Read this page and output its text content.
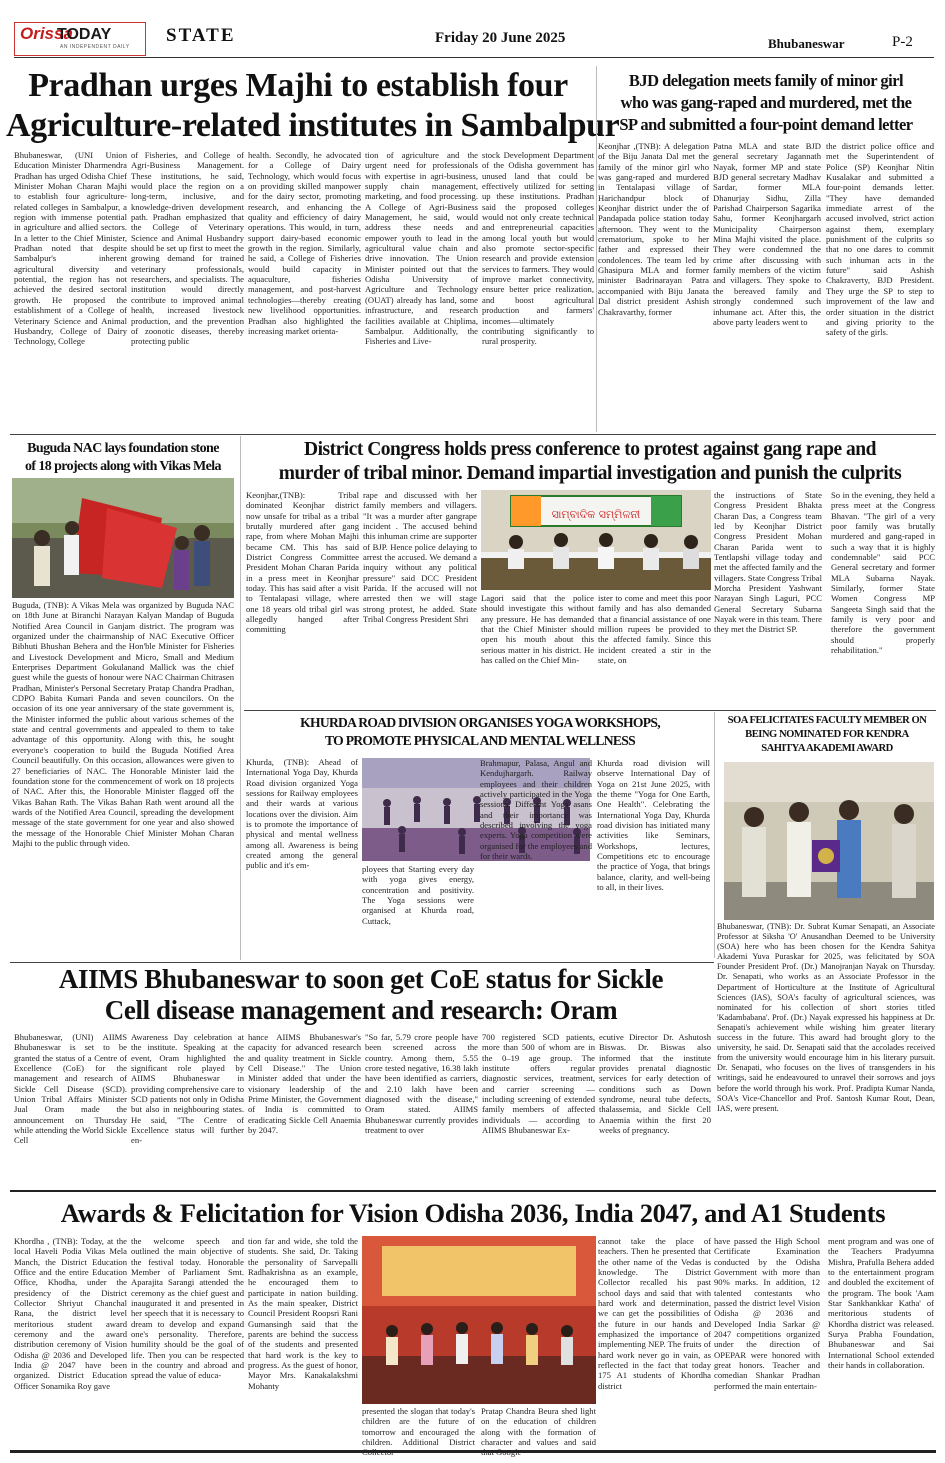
Orissa
TODAY
AN INDEPENDENT DAILY
STATE	Friday 20 June 2025	Bhubaneswar	P-2
Pradhan urges Majhi to establish four
Agriculture-related institutes in Sambalpur
Bhubaneswar, (UNI Union Education Minister Dharmendra Pradhan has urged Odisha Chief Minister Mohan Charan Majhi to establish four agriculture-related colleges in Sambalpur, a region with immense potential in agriculture and allied sectors. In a letter to the Chief Minister, Pradhan noted that despite Sambalpur's inherent agricultural diversity and potential, the region has not achieved the desired sectoral growth. He proposed the establishment of a College of Veterinary Science and Animal Husbandry, College of Dairy Technology, College
of Fisheries, and College of Agri-Business Management. These institutions, he said, would place the region on a long-term, inclusive, and knowledge-driven development path. Pradhan emphasized that the College of Veterinary Science and Animal Husbandry should be set up first to meet the growing demand for trained veterinary professionals, researchers, and specialists. The institution would directly contribute to improved animal health, increased livestock production, and the prevention of zoonotic diseases, thereby protecting public
health. Secondly, he advocated for a College of Dairy Technology, which would focus on providing skilled manpower for the dairy sector, promoting research, and enhancing the quality and efficiency of dairy operations. This would, in turn, support dairy-based economic growth in the region. Similarly, he said, a College of Fisheries would build capacity in aquaculture, fisheries management, and post-harvest technologies—thereby creating new livelihood opportunities. Pradhan also highlighted the increasing market orienta-
tion of agriculture and the urgent need for professionals with expertise in agri-business, supply chain management, marketing, and food processing. A College of Agri-Business Management, he said, would address these needs and empower youth to lead in the agricultural value chain and drive innovation. The Union Minister pointed out that the Odisha University of Agriculture and Technology (OUAT) already has land, some infrastructure, and research facilities available at Chiplima, Sambalpur. Additionally, the Fisheries and Live-
stock Development Department of the Odisha government has unused land that could be effectively utilized for setting up these institutions. Pradhan said the proposed colleges would not only create technical and entrepreneurial capacities among local youth but would also promote sector-specific research and provide extension services to farmers. They would improve market connectivity, ensure better price realization, and boost agricultural production and farmers' incomes—ultimately contributing significantly to rural prosperity.
BJD delegation meets family of minor girl
who was gang-raped and murdered, met the
SP and submitted a four-point demand letter
Keonjhar ,(TNB): A delegation of the Biju Janata Dal met the family of the minor girl who was gang-raped and murdered in Tentalapasi village of Harichandpur block of Keonjhar district under the of Pandapada police station today afternoon. They went to the crematorium, spoke to her father and expressed their condolences. The team led by Ghasipura MLA and former minister Badrinarayan Patra accompanied with Biju Janata Dal district president Ashish Chakravarthy, former
Patna MLA and state BJD general secretary Jagannath Nayak, former MP and state BJD general secretary Madhav Sardar, former MLA Dhanurjay Sidhu, Zilla Parishad Chairperson Sagarika Sahu, former Keonjhargarh Municipality Chairperson Mina Majhi visited the place. They were condemned the crime after discussing with family members of the victim and villagers. They spoke to the bereaved family and strongly condemned such inhumane act. After this, the above party leaders went to
the district police office and met the Superintendent of Police (SP) Keonjhar Nitin Kusalakar and submitted a four-point demands letter. "They have demanded immediate arrest of the accused involved, strict action against them, exemplary punishment of the culprits so that no one dares to commit such inhuman acts in the future" said Ashish Chakraverty, BJD President. They urge the SP to step to improvement of the law and order situation in the district and giving priority to the safety of the girls.
Buguda NAC lays foundation stone
of 18 projects along with Vikas Mela
Buguda, (TNB): A Vikas Mela was organized by Buguda NAC on 18th June at Biranchi Narayan Kalyan Mandap of Buguda Notified Area Council in Ganjam district. The program was organized under the chairmanship of NAC Executive Officer Bibhuti Bhushan Behera and the Hon'ble Minister for Fisheries and Livestock Development and Micro, Small and Medium Enterprises Department Gokulanand Mallick was the chief guest while the guests of honour were NAC Chairman Chitrasen Pradhan, Minister's Personal Secretary Pratap Chandra Pradhan, CDPO Babita Kumari Panda and seven councilors. On the occasion of its one year anniversary of the state government is, the Minister informed the public about various schemes of the state and central governments and appealed to them to take advantage of this opportunity. Along with this, he sought everyone's cooperation to build the Buguda Notified Area Council beautifully. On this occasion, allowances were given to 27 beneficiaries of NAC. The Honorable Minister laid the foundation stone for the commencement of work on 18 projects of NAC. After this, the Honorable Minister flagged off the Vikas Bahan Rath. The Vikas Bahan Rath went around all the wards of the Notified Area Council, spreading the development message of the state government for one year and also showed the message of the Honorable Chief Minister Mohan Charan Majhi to the public through video.
District Congress holds press conference to protest against gang rape and
murder of tribal minor. Demand impartial investigation and punish the culprits
Keonjhar,(TNB): Tribal dominated Keonjhar district now unsafe for tribal as a tribal brutally murdered after gang rape, from where Mohan Majhi became CM. This has said District Congress Committee President Mohan Charan Parida in a press meet in Keonjhar today. This has said after a visit to Tentalapasi village, where one 18 years old tribal girl was allegedly hanged after committing
rape and discussed with her family members and villagers. "It was a murder after gangrape incident . The accused behind this inhuman crime are supporter of BJP. Hence police delaying to arrest the accused. We demand a inquiry without any political pressure" said DCC President Parida. If the accused will not arrested then we will stage strong protest, he added. State Tribal Congress President Shri
ସାମ୍ବାଦିକ ସମ୍ମିଳନୀ
Lagori said that the police should investigate this without any pressure. He has demanded that the Chief Minister should open his mouth about this serious matter in his district. He has called on the Chief Min-
ister to come and meet this poor family and has also demanded that a financial assistance of one million rupees be provided to the affected family. Since this incident created a stir in the state, on
the instructions of State Congress President Bhakta Charan Das, a Congress team led by Keonjhar District Congress President Mohan Charan Parida went to Tentlapshi village today and met the affected family and the villagers. State Congress Tribal Morcha President Yashwant Narayan Singh Laguri, PCC General Secretary Subarna Nayak were in this team. There they met the District SP.
So in the evening, they held a press meet at the Congress Bhavan. "The girl of a very poor family was brutally murdered and gang-raped in such a way that it is highly condemnable" said PCC General secretary and former MLA Subarna Nayak. Similarly, former State Women Congress MP Sangeeta Singh said that the family is very poor and therefore the government should properly rehabilitation."
KHURDA ROAD DIVISION ORGANISES YOGA WORKSHOPS,
TO PROMOTE PHYSICAL AND MENTAL WELLNESS
Khurda, (TNB): Ahead of International Yoga Day, Khurda Road division organized Yoga sessions for Railway employees and their wards at various locations over the division. Aim is to promote the importance of physical and mental wellness among all. Awareness is being created among the general public and it's em-	ployees that Starting every day with yoga gives energy, concentration and positivity. The Yoga sessions were organised at Khurda road, Cuttack,
Brahmapur, Palasa, Angul and Kendujhargarh. Railway employees and their children actively participated in the Yoga sessions. Different Yoga asans and their importance was described involving the yoga experts. Yoga competition were organised for the employees and for their wards.
Khurda road division will observe International Day of Yoga on 21st June 2025, with the theme "Yoga for One Earth, One Health". Celebrating the International Yoga Day, Khurda road division has initiated many activities like Seminars, Workshops, lectures, Competitions etc to encourage the practice of Yoga, that brings balance, clarity, and well-being to all, in their lives.
SOA FELICITATES FACULTY MEMBER ON
BEING NOMINATED FOR KENDRA
SAHITYA AKADEMI AWARD
Bhubaneswar, (TNB): Dr. Subrat Kumar Senapati, an Associate Professor at Siksha 'O' Anusandhan Deemed to be University (SOA) here who has been chosen for the Kendra Sahitya Akademi Yuva Puraskar for 2025, was felicitated by SOA Founder President Prof. (Dr.) Manojranjan Nayak on Thursday. Dr. Senapati, who works as an Associate Professor in the Department of Horticulture at the Institute of Agricultural Sciences (IAS), SOA's faculty of agricultural sciences, was nominated for his collection of short stories titled 'Kadambabana'. Prof. (Dr.) Nayak expressed his happiness at Dr. Senapati's achievement while wishing him greater literary success in the future. This award had brought glory to the university, he said. Dr. Senapati said that the accolades received from the university would encourage him in his literary pursuit. Dr. Senapati, who focuses on the lives of transgenders in his writings, said he endeavoured to unravel their sorrows and joys before the world through his work. Prof. Pradipta Kumar Nanda, SOA's Vice-Chancellor and Prof. Santosh Kumar Rout, Dean, IAS, were present.
AIIMS Bhubaneswar to soon get CoE status for Sickle
Cell disease management and research: Oram
Bhubaneswar, (UNI) AIIMS Bhubaneswar is set to be granted the status of a Centre of Excellence (CoE) for the management and research of Sickle Cell Disease (SCD). Union Tribal Affairs Minister Jual Oram made the announcement on Thursday while attending the World Sickle Cell
Awareness Day celebration at the institute. Speaking at the event, Oram highlighted the significant role played by AIIMS Bhubaneswar in providing comprehensive care to SCD patients not only in Odisha but also in neighbouring states. He said, "The Centre of Excellence status will further en-
hance AIIMS Bhubaneswar's capacity for advanced research and quality treatment in Sickle Cell Disease." The Union Minister added that under the visionary leadership of the Prime Minister, the Government of India is committed to eradicating Sickle Cell Anaemia by 2047.
"So far, 5.79 crore people have been screened across the country. Among them, 5.55 crore tested negative, 16.38 lakh have been identified as carriers, and 2.10 lakh have been diagnosed with the disease," Oram stated. AIIMS Bhubaneswar currently provides treatment to over
700 registered SCD patients, more than 500 of whom are in the 0–19 age group. The institute offers regular diagnostic services, treatment, and carrier screening — including screening of extended family members of affected individuals — according to AIIMS Bhubaneswar Ex-
ecutive Director Dr. Ashutosh Biswas. Dr. Biswas also informed that the institute provides prenatal diagnostic services for early detection of conditions such as Down syndrome, neural tube defects, thalassemia, and Sickle Cell Anaemia within the first 20 weeks of pregnancy.
Awards & Felicitation for Vision Odisha 2036, India 2047, and A1 Students
Khordha , (TNB): Today, at the local Haveli Podia Vikas Mela Manch, the District Education Office and the entire Education Office, Khodha, under the presidency of the District Collector Shriyut Chanchal Rana, the district level meritorious student award ceremony and the award distribution ceremony of Vision Odisha @ 2036 and Developed India @ 2047 have been organized. District Education Officer Sonamika Roy gave
the welcome speech and outlined the main objective of the festival today. Honorable Member of Parliament Smt. Aparajita Sarangi attended the ceremony as the chief guest and inaugurated it and presented in her speech that it is necessary to dream to develop and expand one's personality. Therefore, humility should be the goal of life. Then you can be respected in the country and abroad and spread the value of educa-
tion far and wide, she told the students. She said, Dr. Taking the personality of Sarvepalli Radhakrishna as an example, he encouraged them to participate in nation building. As the main speaker, District Council President Roopsri Rani Gumansingh said that the parents are behind the success of the students and presented that hard work is the key to progress. As the guest of honor, Mayor Mrs. Kanakalakshmi Mohanty
presented the slogan that today's children are the future of tomorrow and encouraged the children. Additional District Collector
Pratap Chandra Beura shed light on the education of children along with the formation of character and values and said that Google
cannot take the place of teachers. Then he presented that the other name of the Vedas is knowledge. The District Collector recalled his past school days and said that with hard work and determination, we can get the possibilities of the future in our hands and emphasized the importance of implementing NEP. The fruits of hard work never go in vain, as reflected in the fact that today 175 A1 students of Khordha district
have passed the High School Certificate Examination conducted by the Odisha Government with more than 90% marks. In addition, 12 talented contestants who passed the district level Vision Odisha @ 2036 and Developed India Sarkar @ 2047 competitions organized under the direction of OPEPAR were honored with great honors. Teacher and comedian Shankar Pradhan performed the main entertain-
ment program and was one of the Teachers Pradyumna Mishra, Prafulla Behera added to the entertainment program and doubled the excitement of the program. The book 'Aam Star Sankhankkar Katha' of meritorious students of Khordha district was released. Surya Prabha Foundation, Bhubaneswar and Sai International School extended their hands in collaboration.
